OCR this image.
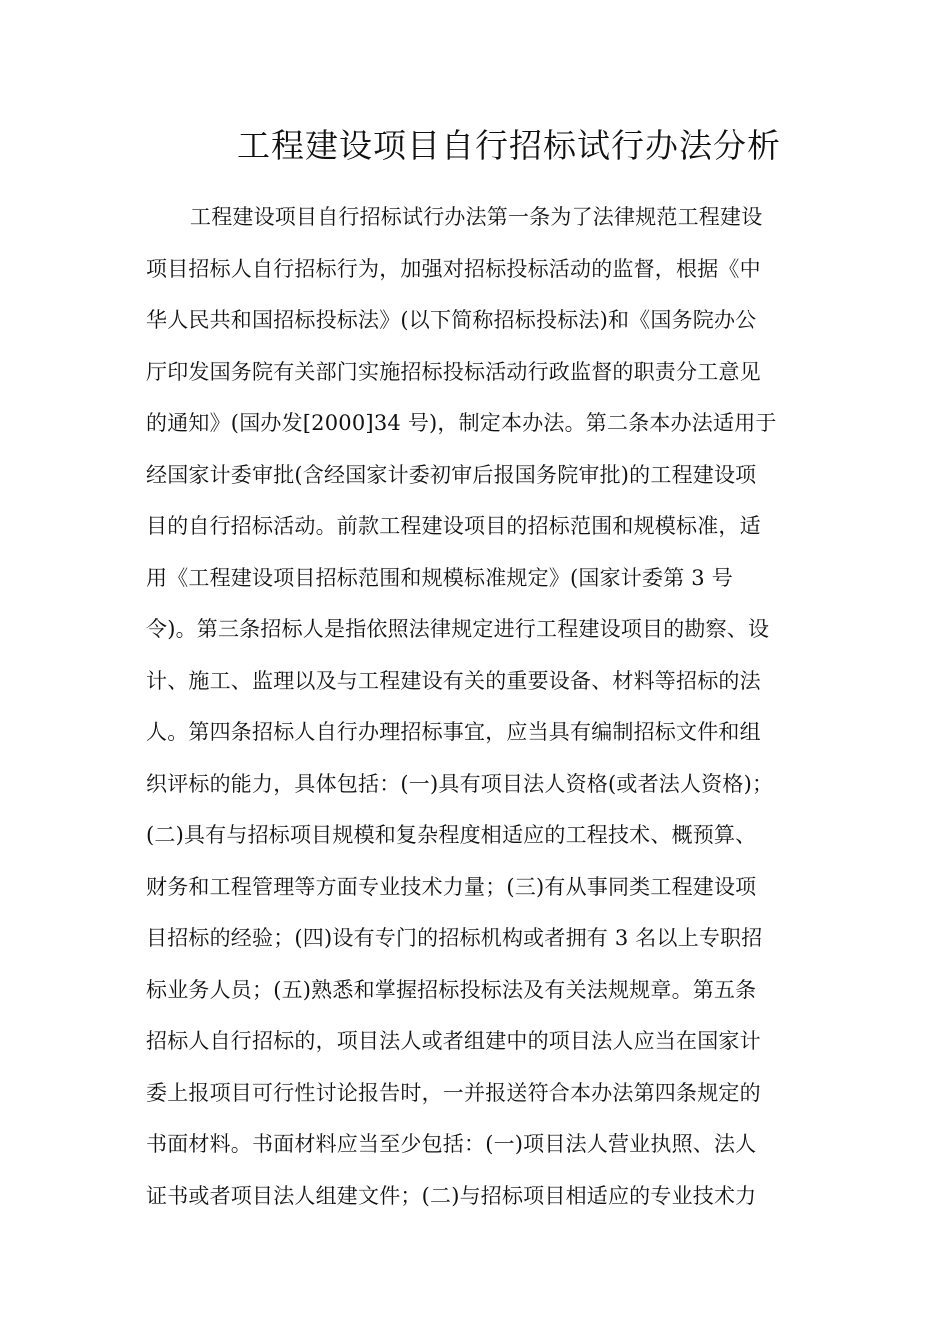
工程建设项目自行招标试行办法分析
工程建设项目自行招标试行办法第一条为了法律规范工程建设
项目招标人自行招标行为，加强对招标投标活动的监督，根据《中
华人民共和国招标投标法》(以下简称招标投标法)和《国务院办公
厅印发国务院有关部门实施招标投标活动行政监督的职责分工意见
的通知》(国办发[2000]34 号)，制定本办法。第二条本办法适用于
经国家计委审批(含经国家计委初审后报国务院审批)的工程建设项
目的自行招标活动。前款工程建设项目的招标范围和规模标准，适
用《工程建设项目招标范围和规模标准规定》(国家计委第 3 号
令)。第三条招标人是指依照法律规定进行工程建设项目的勘察、设
计、施工、监理以及与工程建设有关的重要设备、材料等招标的法
人。第四条招标人自行办理招标事宜，应当具有编制招标文件和组
织评标的能力，具体包括：(一)具有项目法人资格(或者法人资格)；
(二)具有与招标项目规模和复杂程度相适应的工程技术、概预算、
财务和工程管理等方面专业技术力量；(三)有从事同类工程建设项
目招标的经验；(四)设有专门的招标机构或者拥有 3 名以上专职招
标业务人员；(五)熟悉和掌握招标投标法及有关法规规章。第五条
招标人自行招标的，项目法人或者组建中的项目法人应当在国家计
委上报项目可行性讨论报告时，一并报送符合本办法第四条规定的
书面材料。书面材料应当至少包括：(一)项目法人营业执照、法人
证书或者项目法人组建文件；(二)与招标项目相适应的专业技术力
